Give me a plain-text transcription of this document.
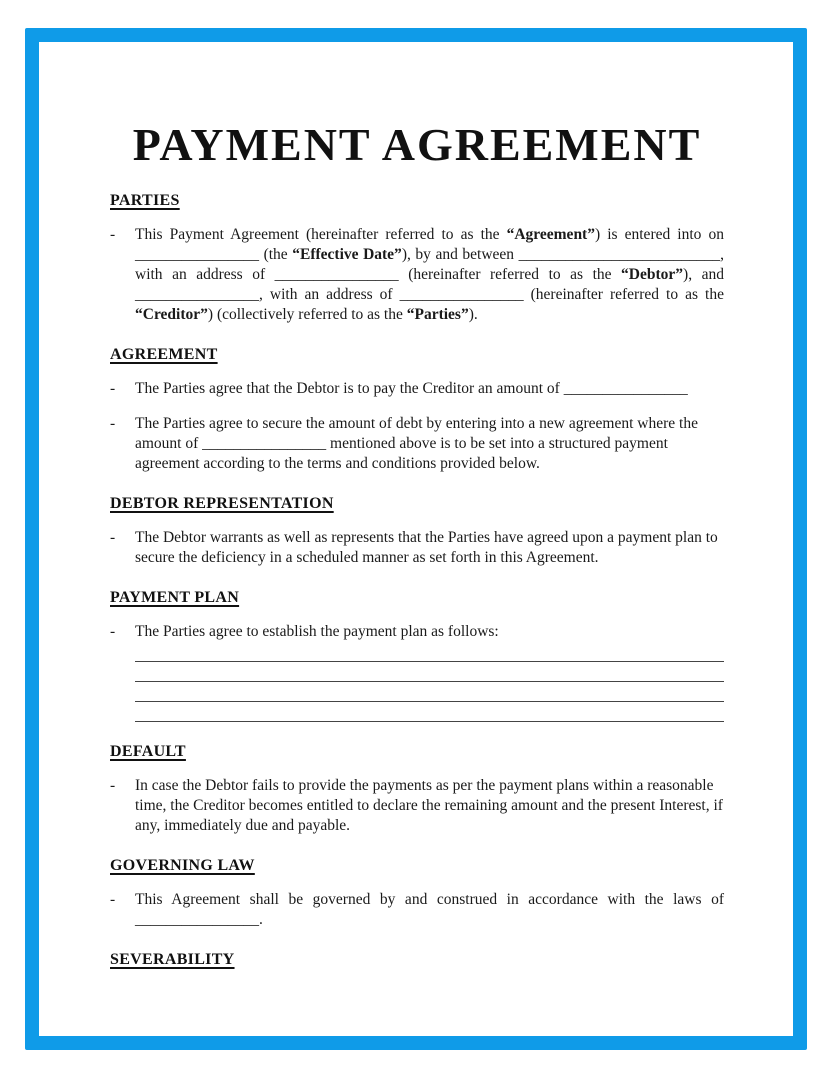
PAYMENT AGREEMENT
PARTIES
- This Payment Agreement (hereinafter referred to as the “Agreement”) is entered into on ________________ (the “Effective Date”), by and between __________________________, with an address of ________________ (hereinafter referred to as the “Debtor”), and ________________, with an address of ________________ (hereinafter referred to as the “Creditor”) (collectively referred to as the “Parties”).

AGREEMENT
- The Parties agree that the Debtor is to pay the Creditor an amount of ________________

- The Parties agree to secure the amount of debt by entering into a new agreement where the amount of ________________ mentioned above is to be set into a structured payment agreement according to the terms and conditions provided below.

DEBTOR REPRESENTATION
- The Debtor warrants as well as represents that the Parties have agreed upon a payment plan to secure the deficiency in a scheduled manner as set forth in this Agreement.

PAYMENT PLAN
- The Parties agree to establish the payment plan as follows:

DEFAULT
- In case the Debtor fails to provide the payments as per the payment plans within a reasonable time, the Creditor becomes entitled to declare the remaining amount and the present Interest, if any, immediately due and payable.

GOVERNING LAW
- This Agreement shall be governed by and construed in accordance with the laws of ________________.

SEVERABILITY
